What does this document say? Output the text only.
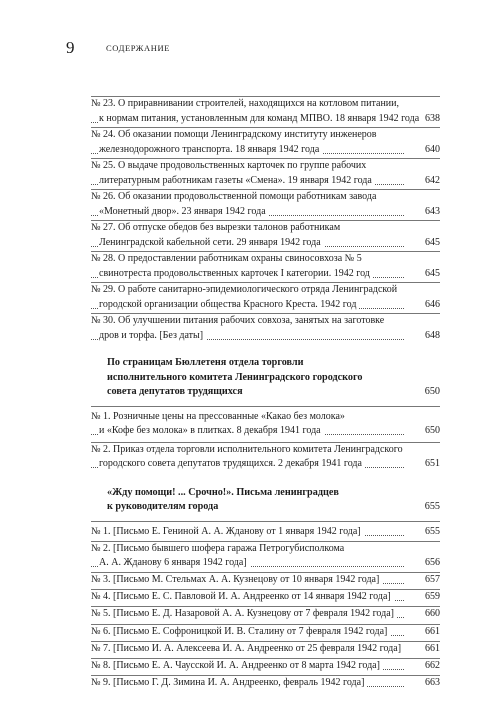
9	СОДЕРЖАНИЕ
№ 23. О приравнивании строителей, находящихся на котловом питании,
к нормам питания, установленным для команд МПВО. 18 января 1942 года 638
№ 24. Об оказании помощи Ленинградскому институту инженеров
железнодорожного транспорта. 18 января 1942 года	640
№ 25. О выдаче продовольственных карточек по группе рабочих
литературным работникам газеты «Смена». 19 января 1942 года	642
№ 26. Об оказании продовольственной помощи работникам завода
«Монетный двор». 23 января 1942 года	643
№ 27. Об отпуске обедов без вырезки талонов работникам
Ленинградской кабельной сети. 29 января 1942 года	645
№ 28. О предоставлении работникам охраны свиносовхоза № 5
свинотреста продовольственных карточек I категории. 1942 год	645
№ 29. О работе санитарно-эпидемиологического отряда Ленинградской
городской организации общества Красного Креста. 1942 год	646
№ 30. Об улучшении питания рабочих совхоза, занятых на заготовке
дров и торфа. [Без даты]	648
По страницам Бюллетеня отдела торговли
исполнительного комитета Ленинградского городского
совета депутатов трудящихся	650
№ 1. Розничные цены на прессованные «Какао без молока»
и «Кофе без молока» в плитках. 8 декабря 1941 года	650
№ 2. Приказ отдела торговли исполнительного комитета Ленинградского
городского совета депутатов трудящихся. 2 декабря 1941 года	651
«Жду помощи! ... Срочно!». Письма ленинградцев
к руководителям города	655
№ 1. [Письмо Е. Гениной А. А. Жданову от 1 января 1942 года]	655
№ 2. [Письмо бывшего шофера гаража Петрогубисполкома
А. А. Жданову 6 января 1942 года]	656
№ 3. [Письмо М. Стельмах А. А. Кузнецову от 10 января 1942 года]	657
№ 4. [Письмо Е. С. Павловой И. А. Андреенко от 14 января 1942 года]	659
№ 5. [Письмо Е. Д. Назаровой А. А. Кузнецову от 7 февраля 1942 года]	660
№ 6. [Письмо Е. Софроницкой И. В. Сталину от 7 февраля 1942 года]	661
№ 7. [Письмо И. А. Алексеева И. А. Андреенко от 25 февраля 1942 года]	661
№ 8. [Письмо Е. А. Чаусской И. А. Андреенко от 8 марта 1942 года]	662
№ 9. [Письмо Г. Д. Зимина И. А. Андреенко, февраль 1942 года]	663
